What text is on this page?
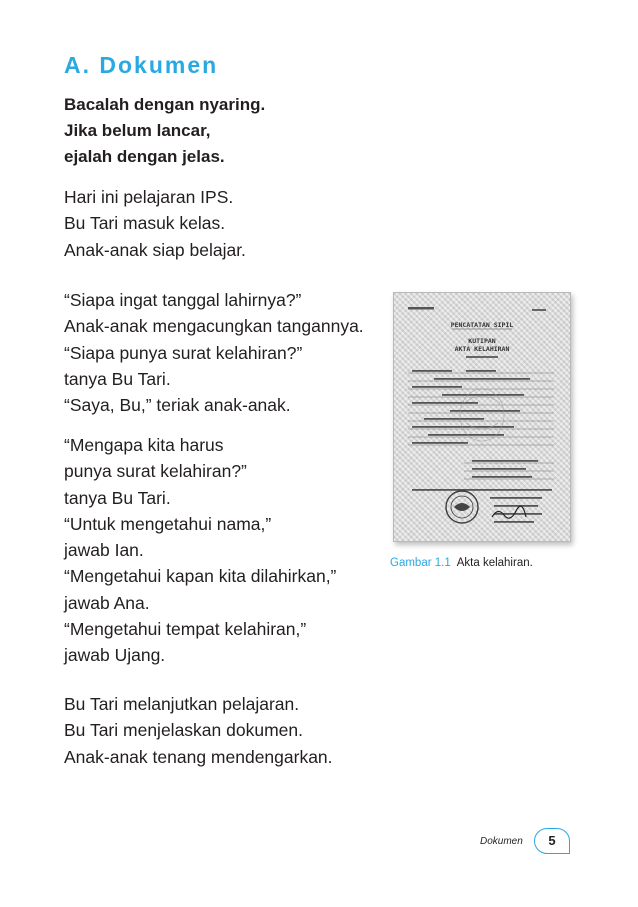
A. Dokumen
Bacalah dengan nyaring.
Jika belum lancar,
ejalah dengan jelas.
Hari ini pelajaran IPS.
Bu Tari masuk kelas.
Anak-anak siap belajar.
“Siapa ingat tanggal lahirnya?”
Anak-anak mengacungkan tangannya.
“Siapa punya surat kelahiran?”
tanya Bu Tari.
“Saya, Bu,” teriak anak-anak.
“Mengapa kita harus
punya surat kelahiran?”
tanya Bu Tari.
“Untuk mengetahui nama,”
jawab Ian.
“Mengetahui kapan kita dilahirkan,”
jawab Ana.
“Mengetahui tempat kelahiran,”
jawab Ujang.
Bu Tari melanjutkan pelajaran.
Bu Tari menjelaskan dokumen.
Anak-anak tenang mendengarkan.
PENCATATAN SIPIL
KUTIPAN
AKTA KELAHIRAN
Gambar 1.1 Akta kelahiran.
Dokumen	5
